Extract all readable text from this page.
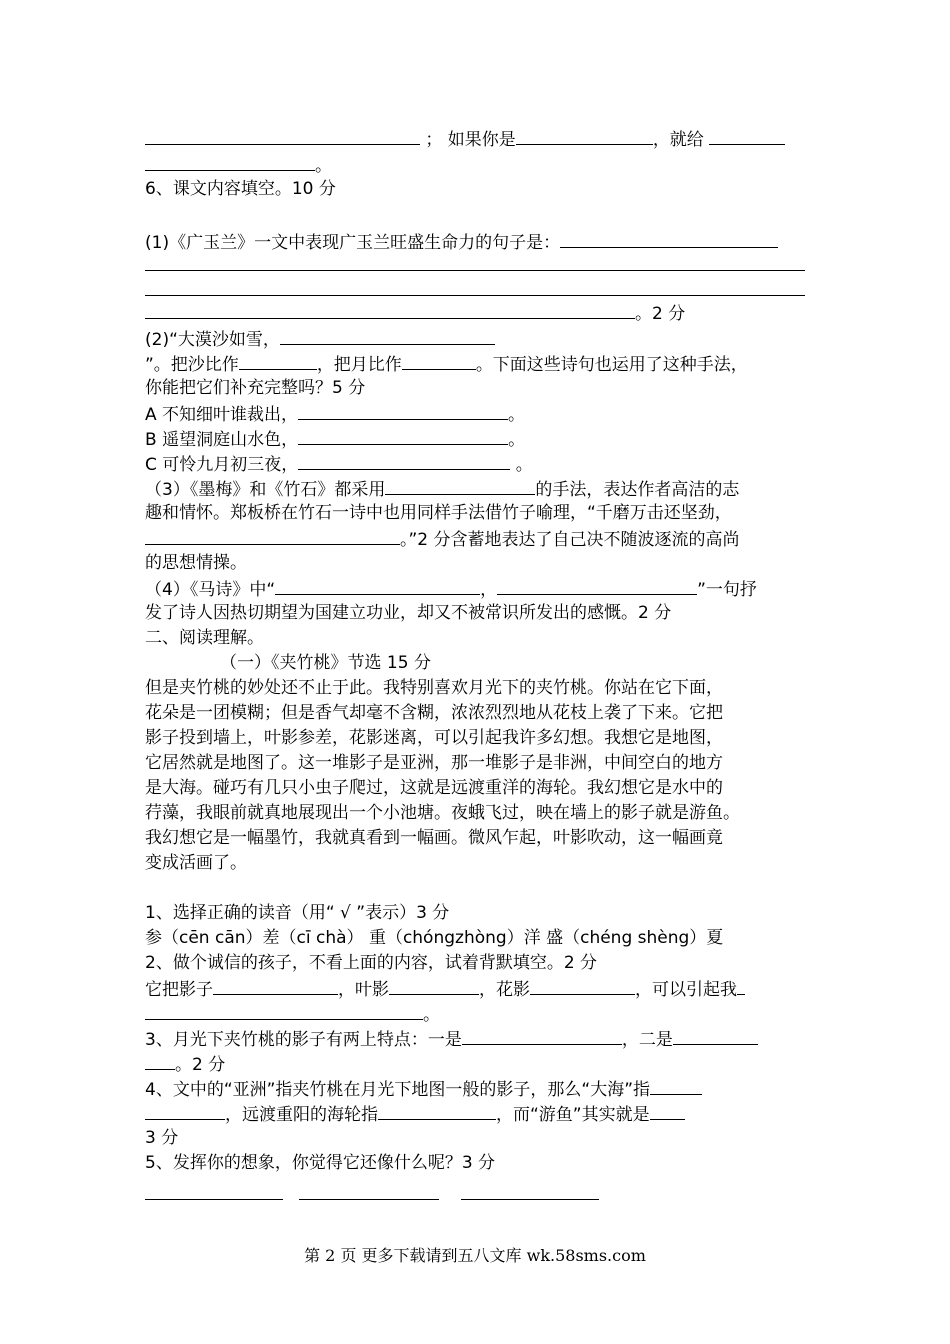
； 如果你是	，就给
。
6、课文内容填空。10 分
(1)《广玉兰》一文中表现广玉兰旺盛生命力的句子是：
。2 分
(2)“大漠沙如雪，
”。把沙比作	，把月比作	。下面这些诗句也运用了这种手法，
你能把它们补充完整吗？5 分
A 不知细叶谁裁出，	。
B 遥望洞庭山水色，	。
C 可怜九月初三夜，	。
（3）《墨梅》和《竹石》都采用	的手法，表达作者高洁的志
趣和情怀。郑板桥在竹石一诗中也用同样手法借竹子喻理，“千磨万击还坚劲，
。”2 分含蓄地表达了自己决不随波逐流的高尚
的思想情操。
（4）《马诗》中“	，	”一句抒
发了诗人因热切期望为国建立功业，却又不被常识所发出的感慨。2 分
二、阅读理解。
（一）《夹竹桃》节选 15 分
但是夹竹桃的妙处还不止于此。我特别喜欢月光下的夹竹桃。你站在它下面，
花朵是一团模糊；但是香气却毫不含糊，浓浓烈烈地从花枝上袭了下来。它把
影子投到墙上，叶影参差，花影迷离，可以引起我许多幻想。我想它是地图，
它居然就是地图了。这一堆影子是亚洲，那一堆影子是非洲，中间空白的地方
是大海。碰巧有几只小虫子爬过，这就是远渡重洋的海轮。我幻想它是水中的
荇藻，我眼前就真地展现出一个小池塘。夜蛾飞过，映在墙上的影子就是游鱼。
我幻想它是一幅墨竹，我就真看到一幅画。微风乍起，叶影吹动，这一幅画竟
变成活画了。
1、选择正确的读音（用“ √ ”表示）3 分
参（cēn cān）差（cī chà） 重（chóngzhòng）洋 盛（chéng shèng）夏
2、做个诚信的孩子，不看上面的内容，试着背默填空。2 分
它把影子	，叶影	，花影	，可以引起我
。
3、月光下夹竹桃的影子有两上特点：一是	，二是
。2 分
4、文中的“亚洲”指夹竹桃在月光下地图一般的影子，那么“大海”指
，远渡重阳的海轮指	，而“游鱼”其实就是
3 分
5、发挥你的想象，你觉得它还像什么呢？3 分

第 2 页 更多下载请到五八文库 wk.58sms.com
